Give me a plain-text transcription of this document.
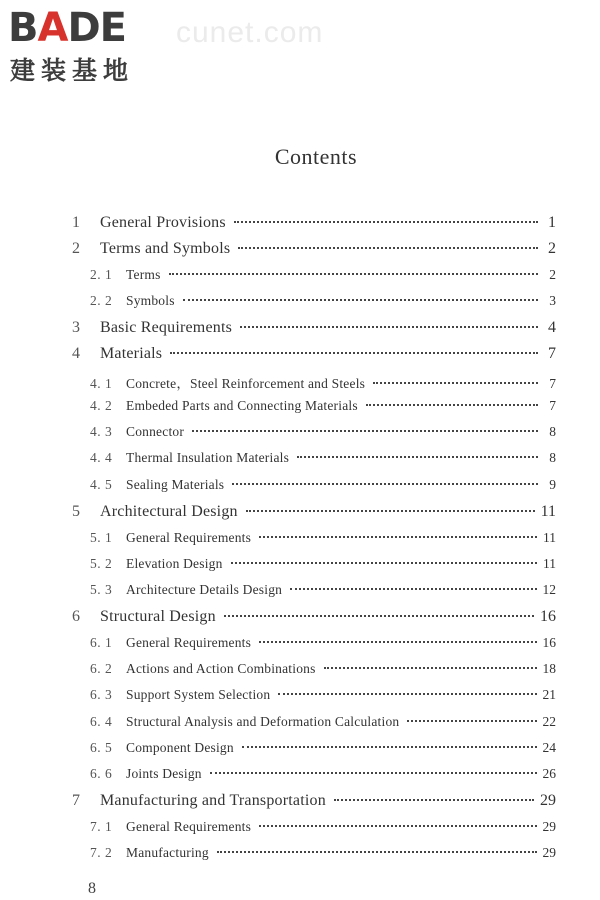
BADE
建装基地
cunet.com
Contents
1	General Provisions	1
2	Terms and Symbols	2
2. 1	Terms	2
2. 2	Symbols	3
3	Basic Requirements	4
4	Materials	7
4. 1	Concrete，Steel Reinforcement and Steels	7
4. 2	Embeded Parts and Connecting Materials	7
4. 3	Connector	8
4. 4	Thermal Insulation Materials	8
4. 5	Sealing Materials	9
5	Architectural Design	11
5. 1	General Requirements	11
5. 2	Elevation Design	11
5. 3	Architecture Details Design	12
6	Structural Design	16
6. 1	General Requirements	16
6. 2	Actions and Action Combinations	18
6. 3	Support System Selection	21
6. 4	Structural Analysis and Deformation Calculation	22
6. 5	Component Design	24
6. 6	Joints Design	26
7	Manufacturing and Transportation	29
7. 1	General Requirements	29
7. 2	Manufacturing	29
8
